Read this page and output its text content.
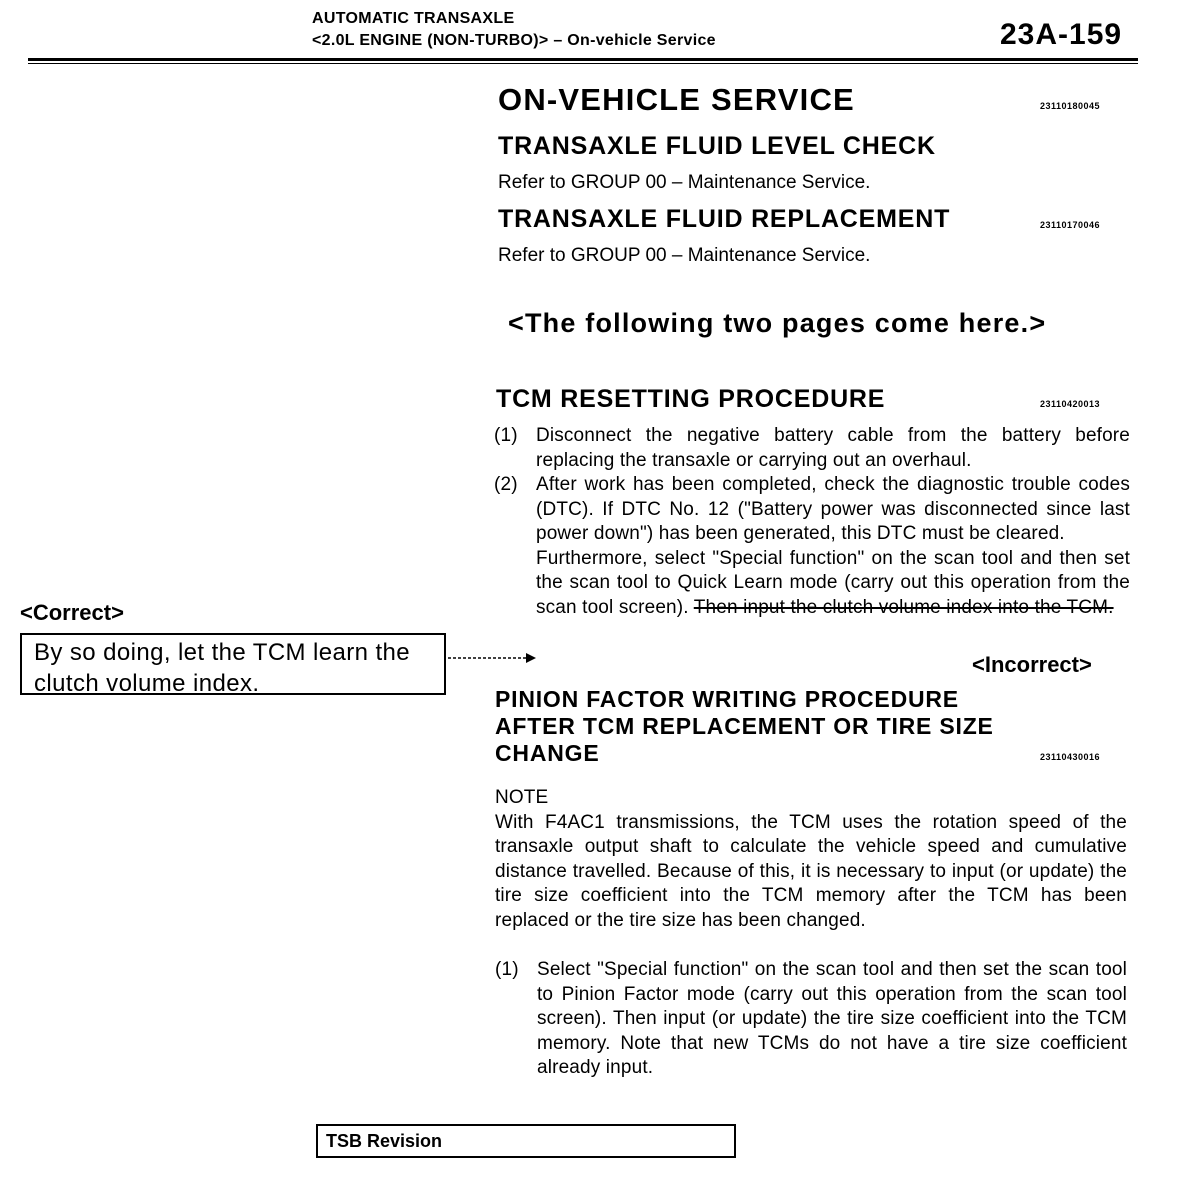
AUTOMATIC TRANSAXLE
<2.0L ENGINE (NON-TURBO)> – On-vehicle Service	23A-159
ON-VEHICLE SERVICE	23110180045
TRANSAXLE FLUID LEVEL CHECK
Refer to GROUP 00 – Maintenance Service.
TRANSAXLE FLUID REPLACEMENT	23110170046
Refer to GROUP 00 – Maintenance Service.
<The following two pages come here.>
TCM RESETTING PROCEDURE	23110420013
(1) Disconnect the negative battery cable from the battery before replacing the transaxle or carrying out an overhaul.
(2) After work has been completed, check the diagnostic trouble codes (DTC). If DTC No. 12 ("Battery power was disconnected since last power down") has been generated, this DTC must be cleared.
Furthermore, select "Special function" on the scan tool and then set the scan tool to Quick Learn mode (carry out this operation from the scan tool screen). Then input the clutch volume index into the TCM.
<Correct>
By so doing, let the TCM learn the clutch volume index.
<Incorrect>
PINION FACTOR WRITING PROCEDURE
AFTER TCM REPLACEMENT OR TIRE SIZE
CHANGE	23110430016
NOTE
With F4AC1 transmissions, the TCM uses the rotation speed of the transaxle output shaft to calculate the vehicle speed and cumulative distance travelled. Because of this, it is necessary to input (or update) the tire size coefficient into the TCM memory after the TCM has been replaced or the tire size has been changed.
(1) Select "Special function" on the scan tool and then set the scan tool to Pinion Factor mode (carry out this operation from the scan tool screen). Then input (or update) the tire size coefficient into the TCM memory. Note that new TCMs do not have a tire size coefficient already input.
TSB Revision
